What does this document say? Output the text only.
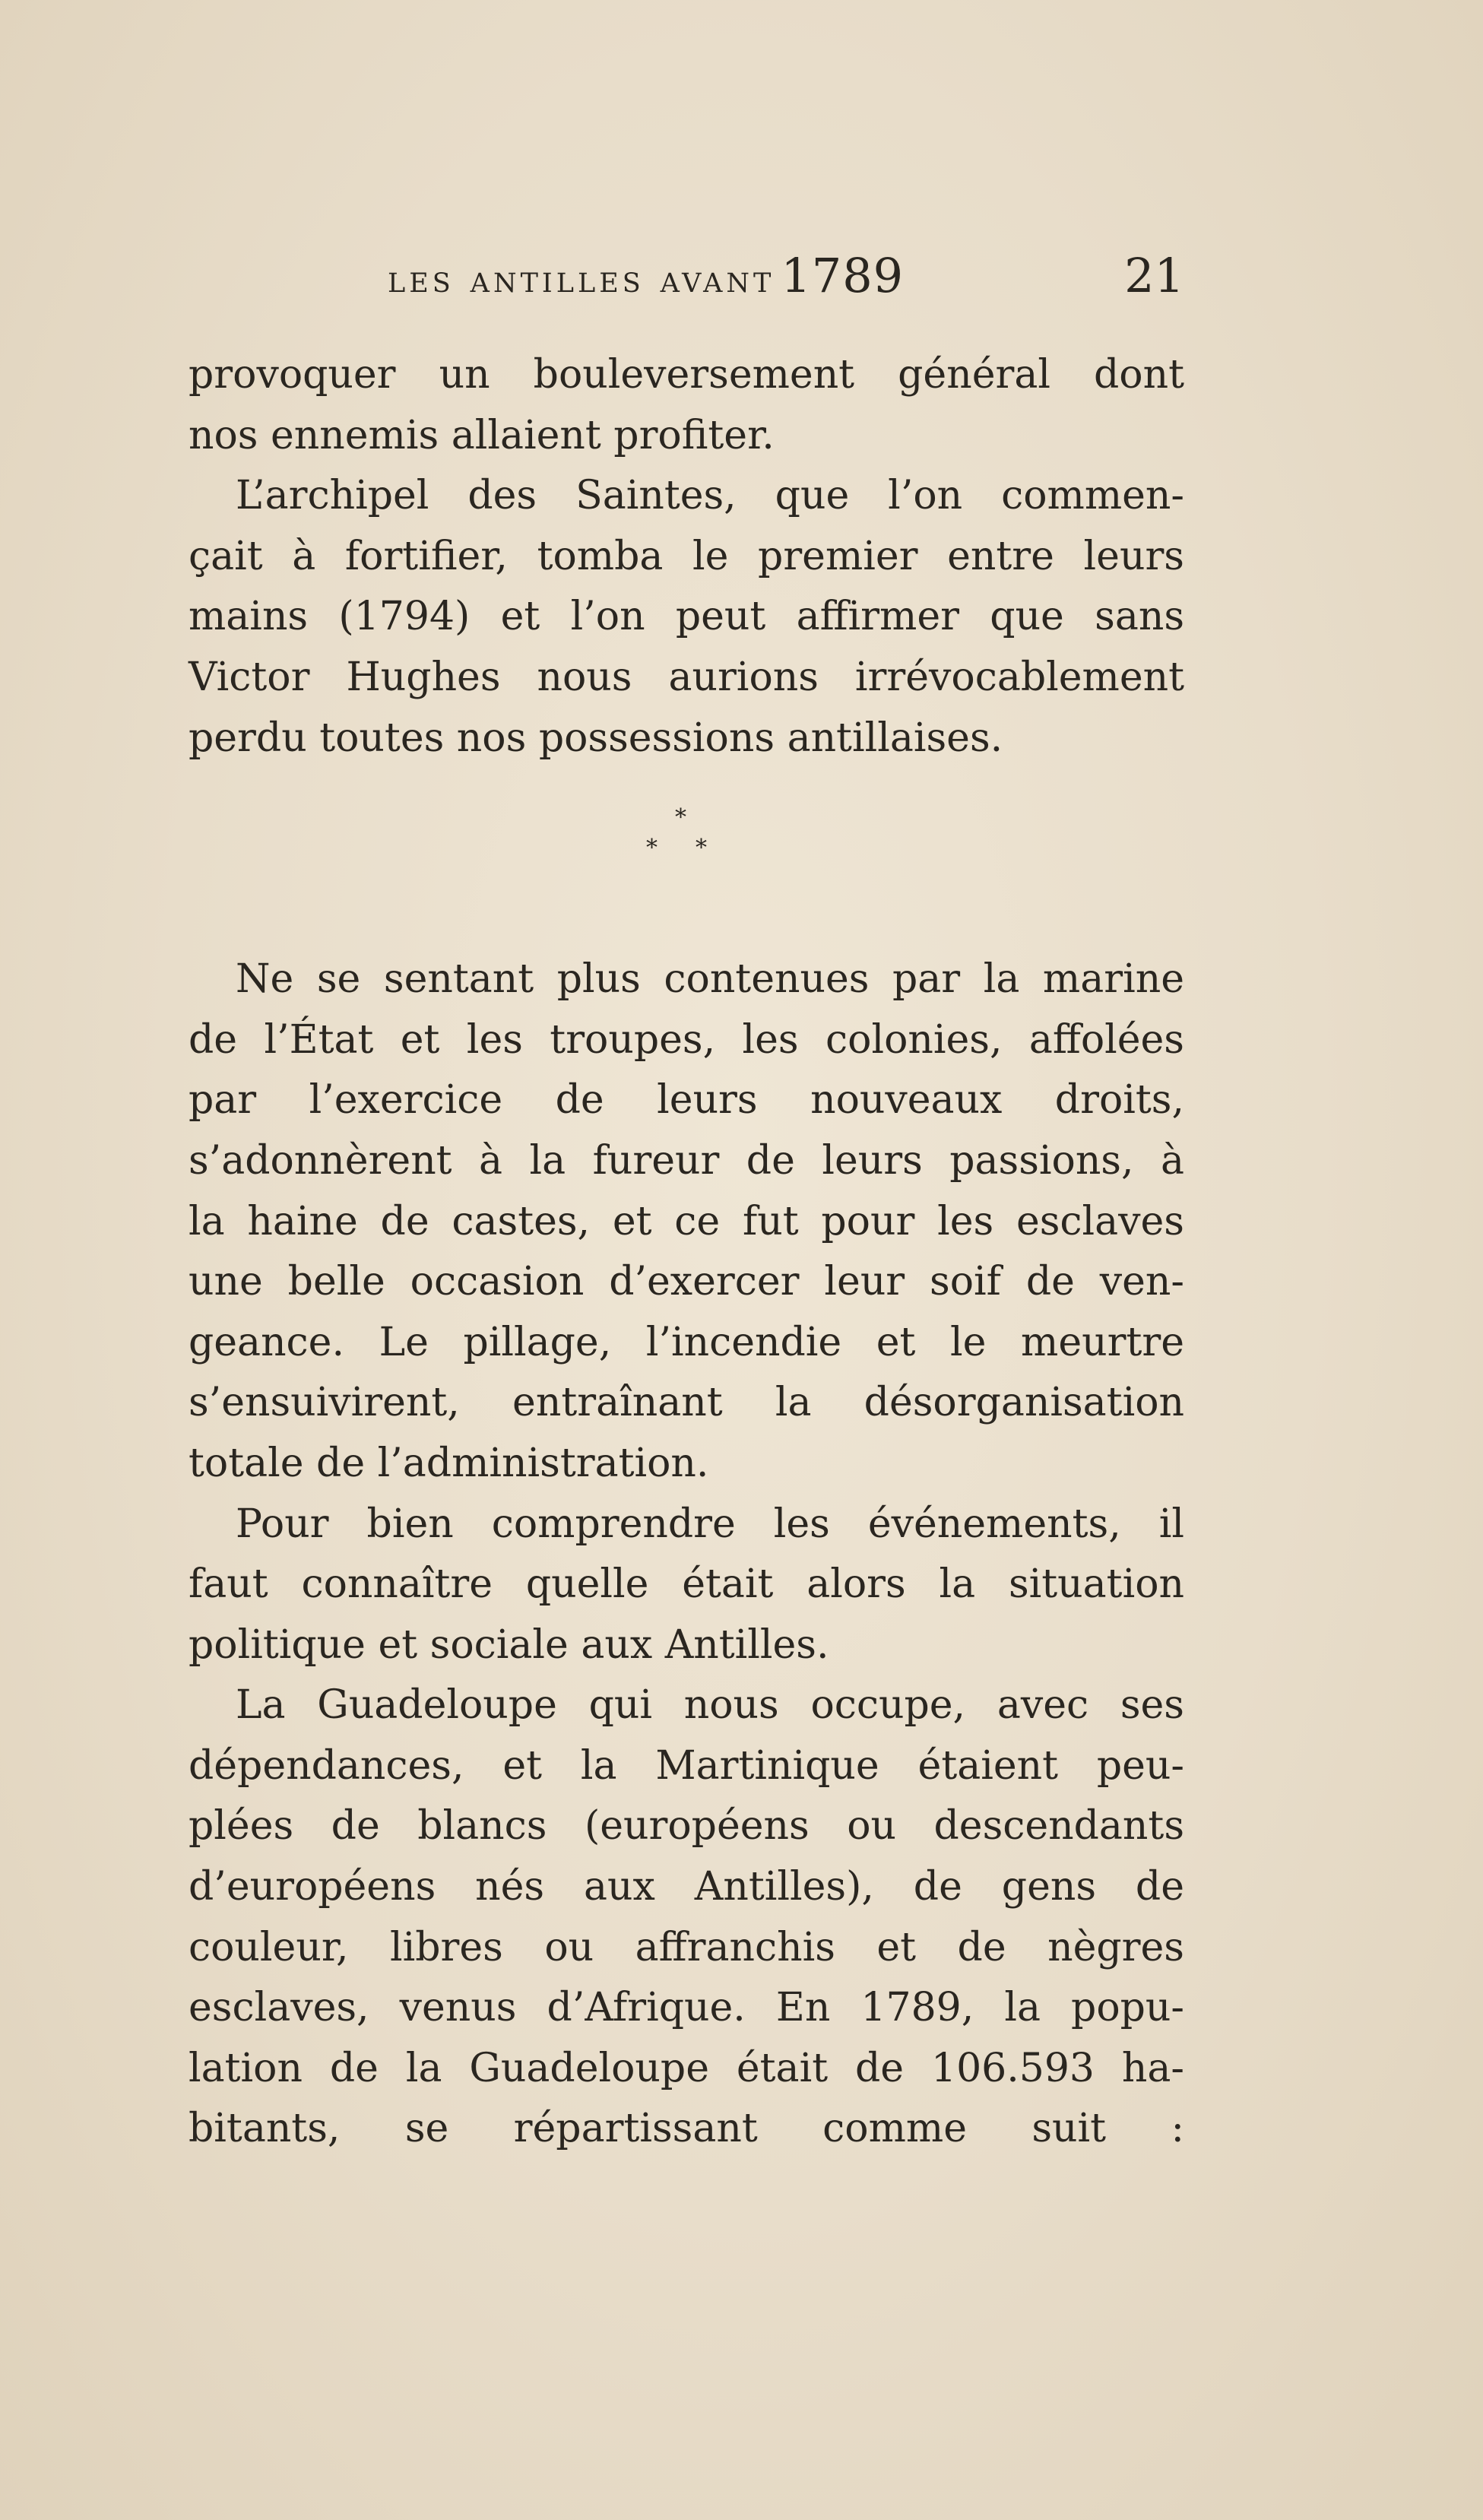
les antilles avant 1789	21
provoquer un bouleversement général dont
nos ennemis allaient profiter.
L’archipel des Saintes, que l’on commen-
çait à fortifier, tomba le premier entre leurs
mains (1794) et l’on peut affirmer que sans
Victor Hughes nous aurions irrévocablement
perdu toutes nos possessions antillaises.
*
* *
Ne se sentant plus contenues par la marine
de l’État et les troupes, les colonies, affolées
par l’exercice de leurs nouveaux droits,
s’adonnèrent à la fureur de leurs passions, à
la haine de castes, et ce fut pour les esclaves
une belle occasion d’exercer leur soif de ven-
geance. Le pillage, l’incendie et le meurtre
s’ensuivirent, entraînant la désorganisation
totale de l’administration.
Pour bien comprendre les événements, il
faut connaître quelle était alors la situation
politique et sociale aux Antilles.
La Guadeloupe qui nous occupe, avec ses
dépendances, et la Martinique étaient peu-
plées de blancs (européens ou descendants
d’européens nés aux Antilles), de gens de
couleur, libres ou affranchis et de nègres
esclaves, venus d’Afrique. En 1789, la popu-
lation de la Guadeloupe était de 106.593 ha-
bitants, se répartissant comme suit :
